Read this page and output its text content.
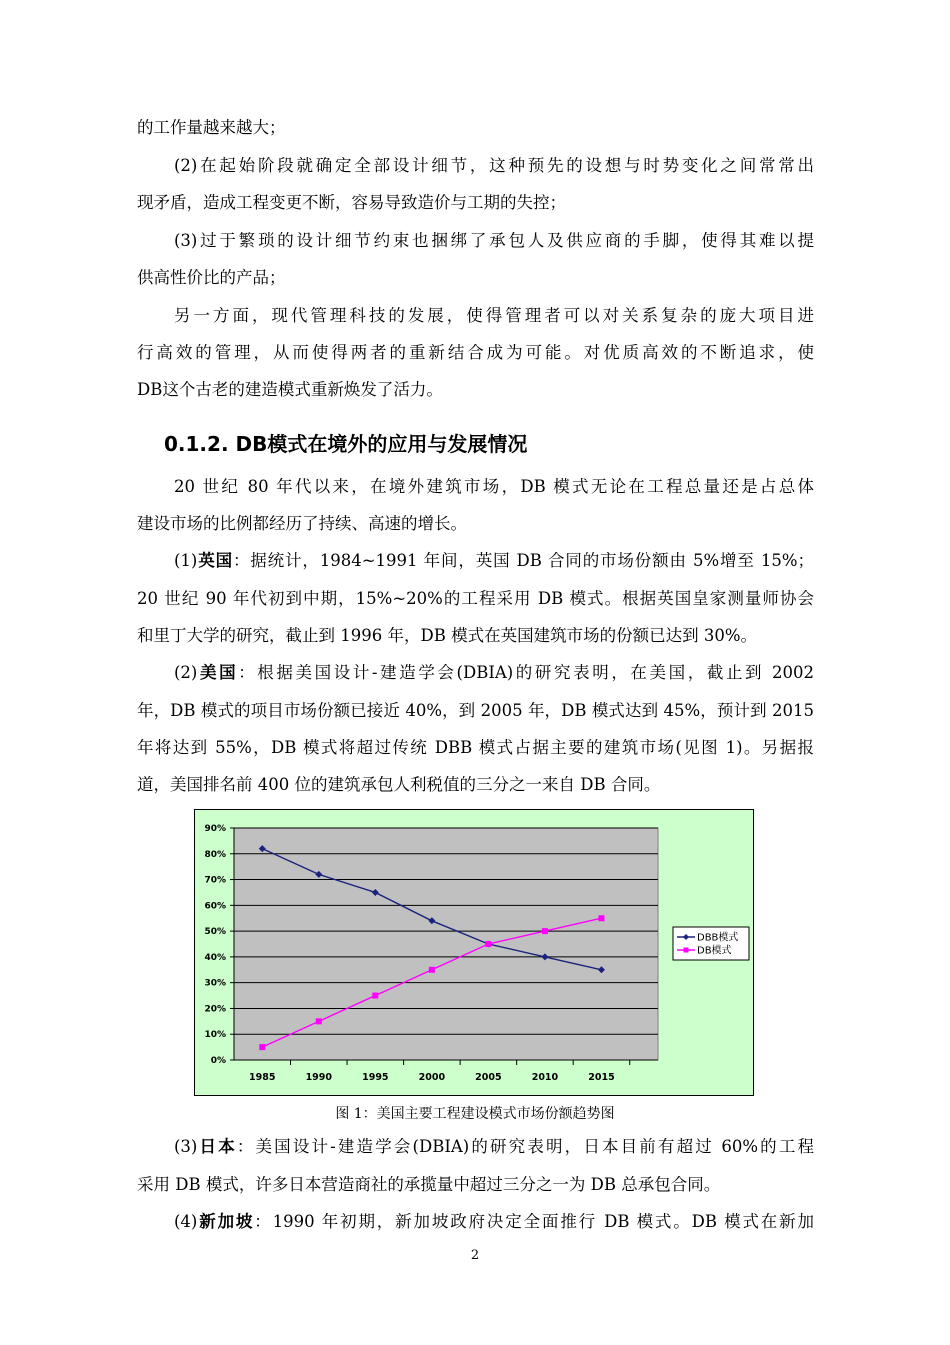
的工作量越来越大；
(2)在起始阶段就确定全部设计细节，这种预先的设想与时势变化之间常常出
现矛盾，造成工程变更不断，容易导致造价与工期的失控；
(3)过于繁琐的设计细节约束也捆绑了承包人及供应商的手脚，使得其难以提
供高性价比的产品；
另一方面，现代管理科技的发展，使得管理者可以对关系复杂的庞大项目进
行高效的管理，从而使得两者的重新结合成为可能。对优质高效的不断追求，使
DB这个古老的建造模式重新焕发了活力。
0.1.2. DB模式在境外的应用与发展情况
20 世纪 80 年代以来，在境外建筑市场，DB 模式无论在工程总量还是占总体
建设市场的比例都经历了持续、高速的增长。
(1)英国：据统计，1984~1991 年间，英国 DB 合同的市场份额由 5%增至 15%；
20 世纪 90 年代初到中期，15%~20%的工程采用 DB 模式。根据英国皇家测量师协会
和里丁大学的研究，截止到 1996 年，DB 模式在英国建筑市场的份额已达到 30%。
(2)美国：根据美国设计-建造学会(DBIA)的研究表明，在美国，截止到 2002
年，DB 模式的项目市场份额已接近 40%，到 2005 年，DB 模式达到 45%，预计到 2015
年将达到 55%，DB 模式将超过传统 DBB 模式占据主要的建筑市场(见图 1)。另据报
道，美国排名前 400 位的建筑承包人利税值的三分之一来自 DB 合同。
0%
10%
20%
30%
40%
50%
60%
70%
80%
90%
1985	1990	1995	2000	2005	2010	2015
DBB模式
DB模式
图 1：美国主要工程建设模式市场份额趋势图
(3)日本：美国设计-建造学会(DBIA)的研究表明，日本目前有超过 60%的工程
采用 DB 模式，许多日本营造商社的承揽量中超过三分之一为 DB 总承包合同。
(4)新加坡：1990 年初期，新加坡政府决定全面推行 DB 模式。DB 模式在新加
2
